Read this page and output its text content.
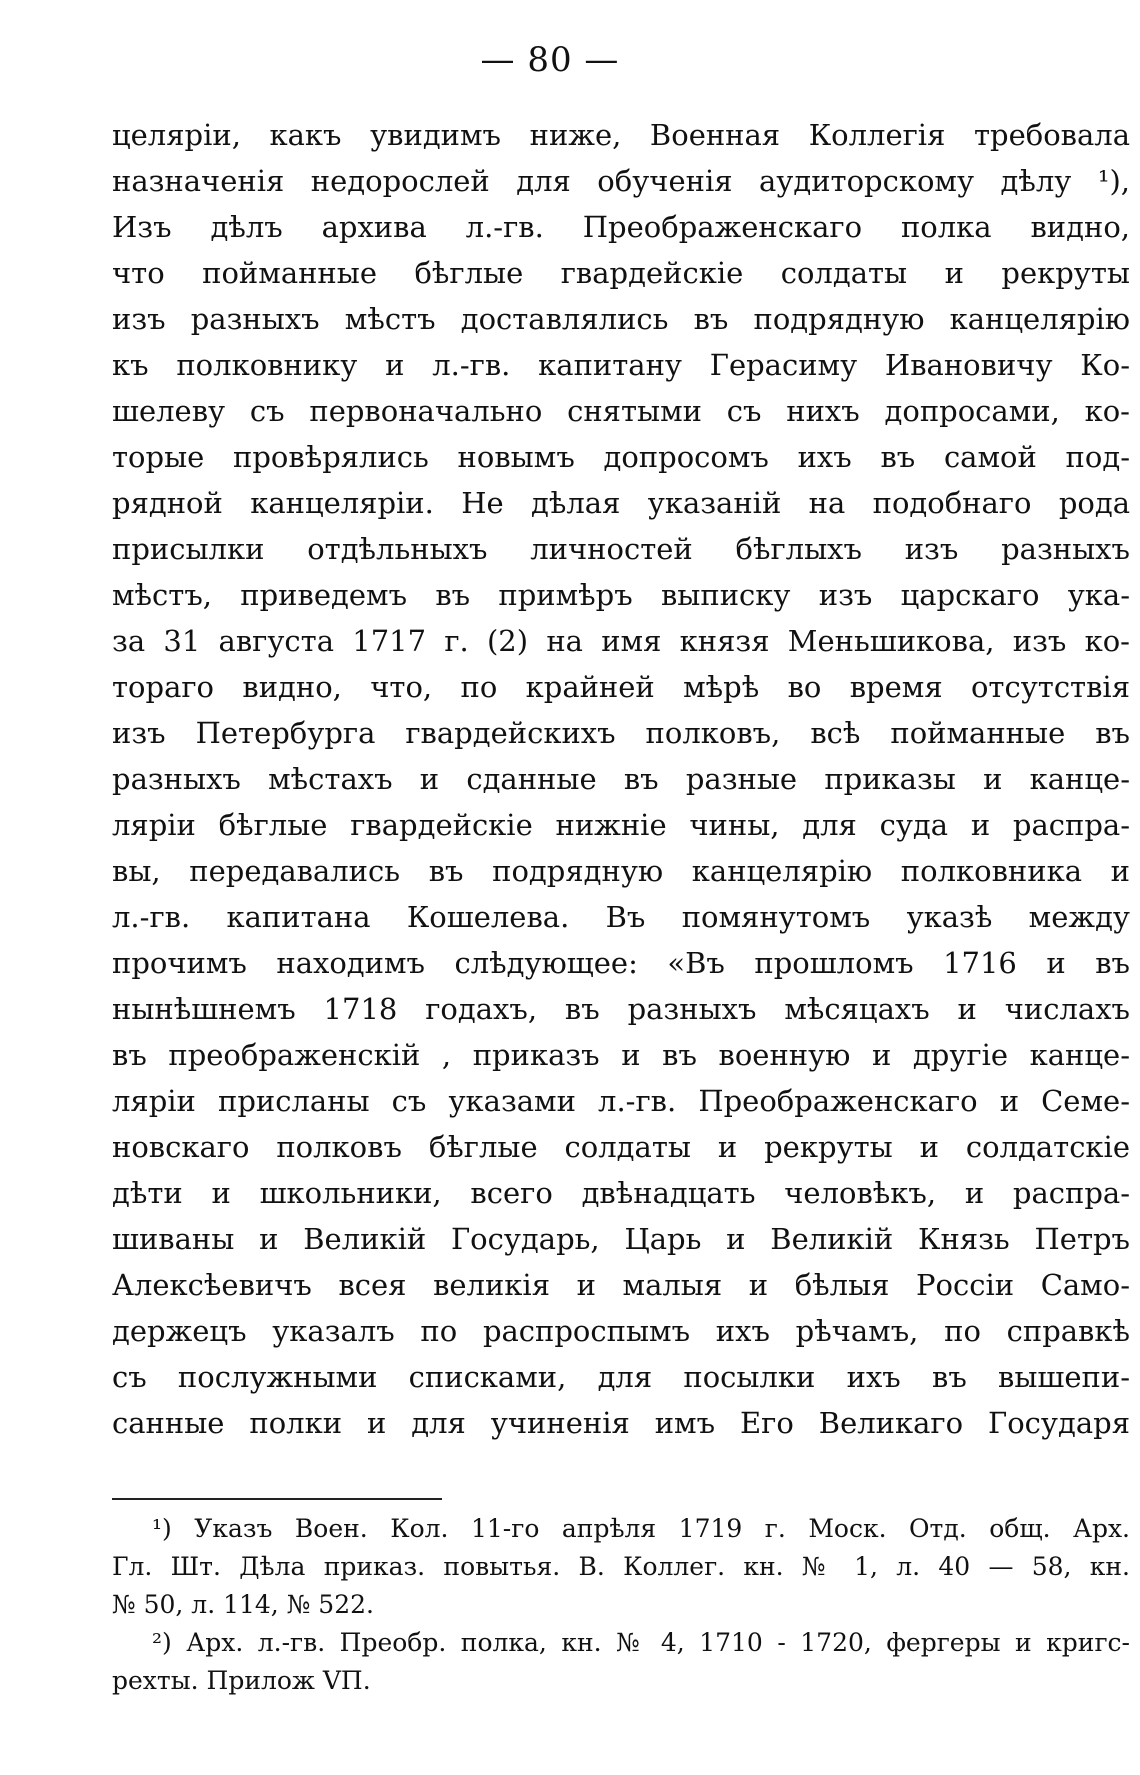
— 80 —
целяріи, какъ увидимъ ниже, Военная Коллегія требовала
назначенія недорослей для обученія аудиторскому дѣлу ¹),
Изъ дѣлъ архива л.-гв. Преображенскаго полка видно,
что пойманные бѣглые гвардейскіе солдаты и рекруты
изъ разныхъ мѣстъ доставлялись въ подрядную канцелярію
къ полковнику и л.-гв. капитану Герасиму Ивановичу Ко-
шелеву съ первоначально снятыми съ нихъ допросами, ко-
торые провѣрялись новымъ допросомъ ихъ въ самой под-
рядной канцеляріи. Не дѣлая указаній на подобнаго рода
присылки отдѣльныхъ личностей бѣглыхъ изъ разныхъ
мѣстъ, приведемъ въ примѣръ выписку изъ царскаго ука-
за 31 августа 1717 г. (2) на имя князя Меньшикова, изъ ко-
тораго видно, что, по крайней мѣрѣ во время отсутствія
изъ Петербурга гвардейскихъ полковъ, всѣ пойманные въ
разныхъ мѣстахъ и сданные въ разные приказы и канце-
ляріи бѣглые гвардейскіе нижніе чины, для суда и распра-
вы, передавались въ подрядную канцелярію полковника и
л.-гв. капитана Кошелева. Въ помянутомъ указѣ между
прочимъ находимъ слѣдующее: «Въ прошломъ 1716 и въ
нынѣшнемъ 1718 годахъ, въ разныхъ мѣсяцахъ и числахъ
въ преображенскій , приказъ и въ военную и другіе канце-
ляріи присланы съ указами л.-гв. Преображенскаго и Семе-
новскаго полковъ бѣглые солдаты и рекруты и солдатскіе
дѣти и школьники, всего двѣнадцать человѣкъ, и распра-
шиваны и Великій Государь, Царь и Великій Князь Петръ
Алексѣевичъ всея великія и малыя и бѣлыя Россіи Само-
держецъ указалъ по распроспымъ ихъ рѣчамъ, по справкѣ
съ послужными списками, для посылки ихъ въ вышепи-
санные полки и для учиненія имъ Его Великаго Государя
¹) Указъ Воен. Кол. 11-го апрѣля 1719 г. Моск. Отд. общ. Арх.
Гл. Шт. Дѣла приказ. повытья. В. Коллег. кн. № 1, л. 40 — 58, кн.
№ 50, л. 114, № 522.
²) Арх. л.-гв. Преобр. полка, кн. № 4, 1710 - 1720, фергеры и кригс-
рехты. Прилож VП.
